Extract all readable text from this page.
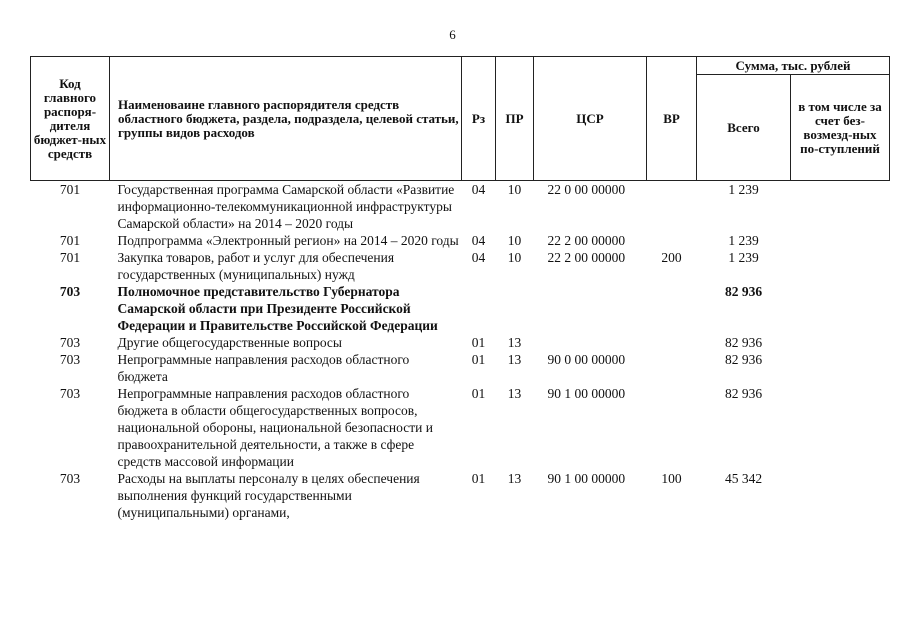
6
Код главного распоря-дителя бюджет-ных средств	Наименоваине главного распорядителя средств областного бюджета, раздела, подраздела, целевой статьи, группы видов расходов	Рз	ПР	ЦСР	ВР	Сумма, тыс. рублей	
						Всего	в том числе за счет без-возмезд-ных по-ступлений
701	Государственная программа Самарской области «Развитие информационно-телекоммуникационной инфраструктуры Самарской области» на 2014 – 2020 годы	04	10	22 0 00 00000		1 239	
701	Подпрограмма «Электронный регион» на 2014 – 2020 годы	04	10	22 2 00 00000		1 239	
701	Закупка товаров, работ и услуг для обеспечения государственных (муниципальных) нужд	04	10	22 2 00 00000	200	1 239	
703	Полномочное представительство Губернатора Самарской области при Президенте Российской Федерации и Правительстве Российской Федерации					82 936	
703	Другие общегосударственные вопросы	01	13			82 936	
703	Непрограммные направления расходов областного бюджета	01	13	90 0 00 00000		82 936	
703	Непрограммные направления расходов областного бюджета в области общегосударственных вопросов, национальной обороны, национальной безопасности и правоохранительной деятельности, а также в сфере средств массовой информации	01	13	90 1 00 00000		82 936	
703	Расходы на выплаты персоналу в целях обеспечения выполнения функций государственными (муниципальными) органами,	01	13	90 1 00 00000	100	45 342	
